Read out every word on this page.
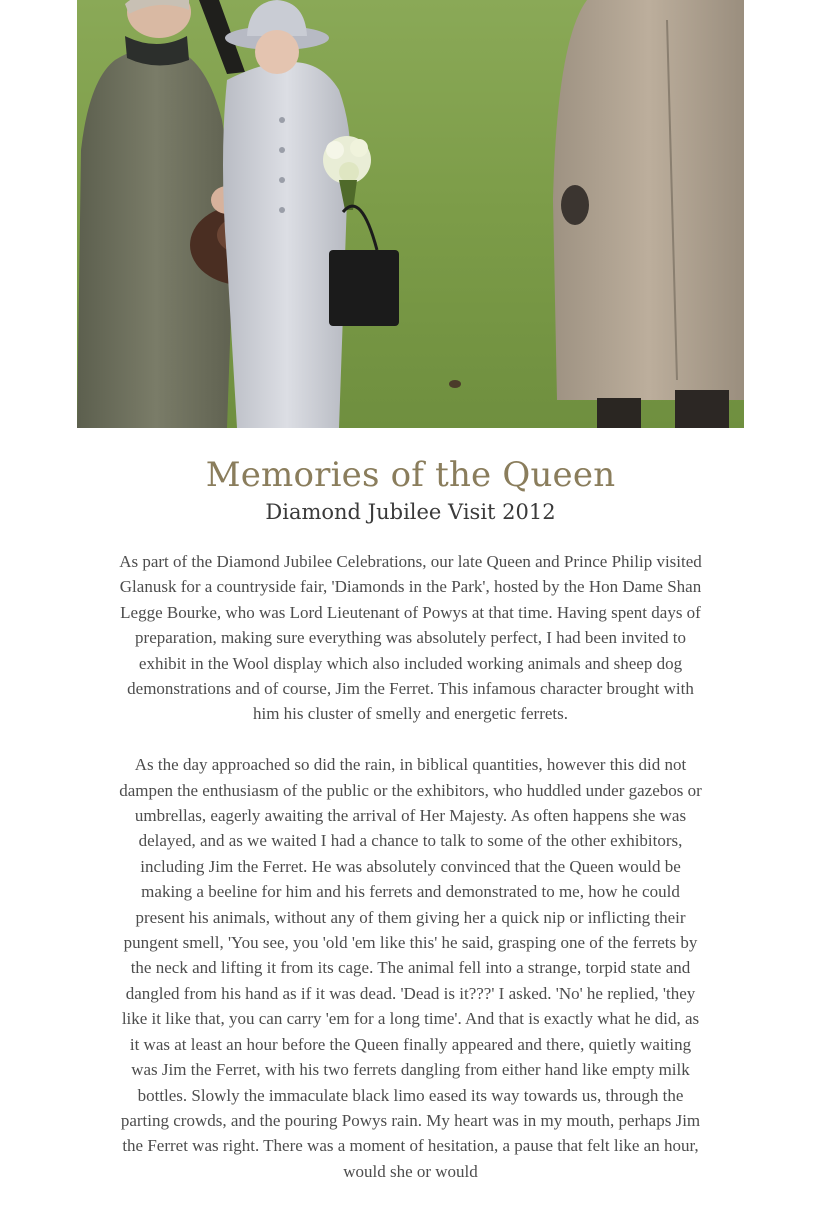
Memories of the Queen
Diamond Jubilee Visit 2012

As part of the Diamond Jubilee Celebrations, our late Queen and Prince Philip visited Glanusk for a countryside fair, 'Diamonds in the Park', hosted by the Hon Dame Shan Legge Bourke, who was Lord Lieutenant of Powys at that time. Having spent days of preparation, making sure everything was absolutely perfect, I had been invited to exhibit in the Wool display which also included working animals and sheep dog demonstrations and of course, Jim the Ferret. This infamous character brought with him his cluster of smelly and energetic ferrets.

As the day approached so did the rain, in biblical quantities, however this did not dampen the enthusiasm of the public or the exhibitors, who huddled under gazebos or umbrellas, eagerly awaiting the arrival of Her Majesty. As often happens she was delayed, and as we waited I had a chance to talk to some of the other exhibitors, including Jim the Ferret. He was absolutely convinced that the Queen would be making a beeline for him and his ferrets and demonstrated to me, how he could present his animals, without any of them giving her a quick nip or inflicting their pungent smell, 'You see, you 'old 'em like this' he said, grasping one of the ferrets by the neck and lifting it from its cage. The animal fell into a strange, torpid state and dangled from his hand as if it was dead. 'Dead is it???' I asked. 'No' he replied, 'they like it like that, you can carry 'em for a long time'. And that is exactly what he did, as it was at least an hour before the Queen finally appeared and there, quietly waiting was Jim the Ferret, with his two ferrets dangling from either hand like empty milk bottles. Slowly the immaculate black limo eased its way towards us, through the parting crowds, and the pouring Powys rain. My heart was in my mouth, perhaps Jim the Ferret was right. There was a moment of hesitation, a pause that felt like an hour, would she or would
